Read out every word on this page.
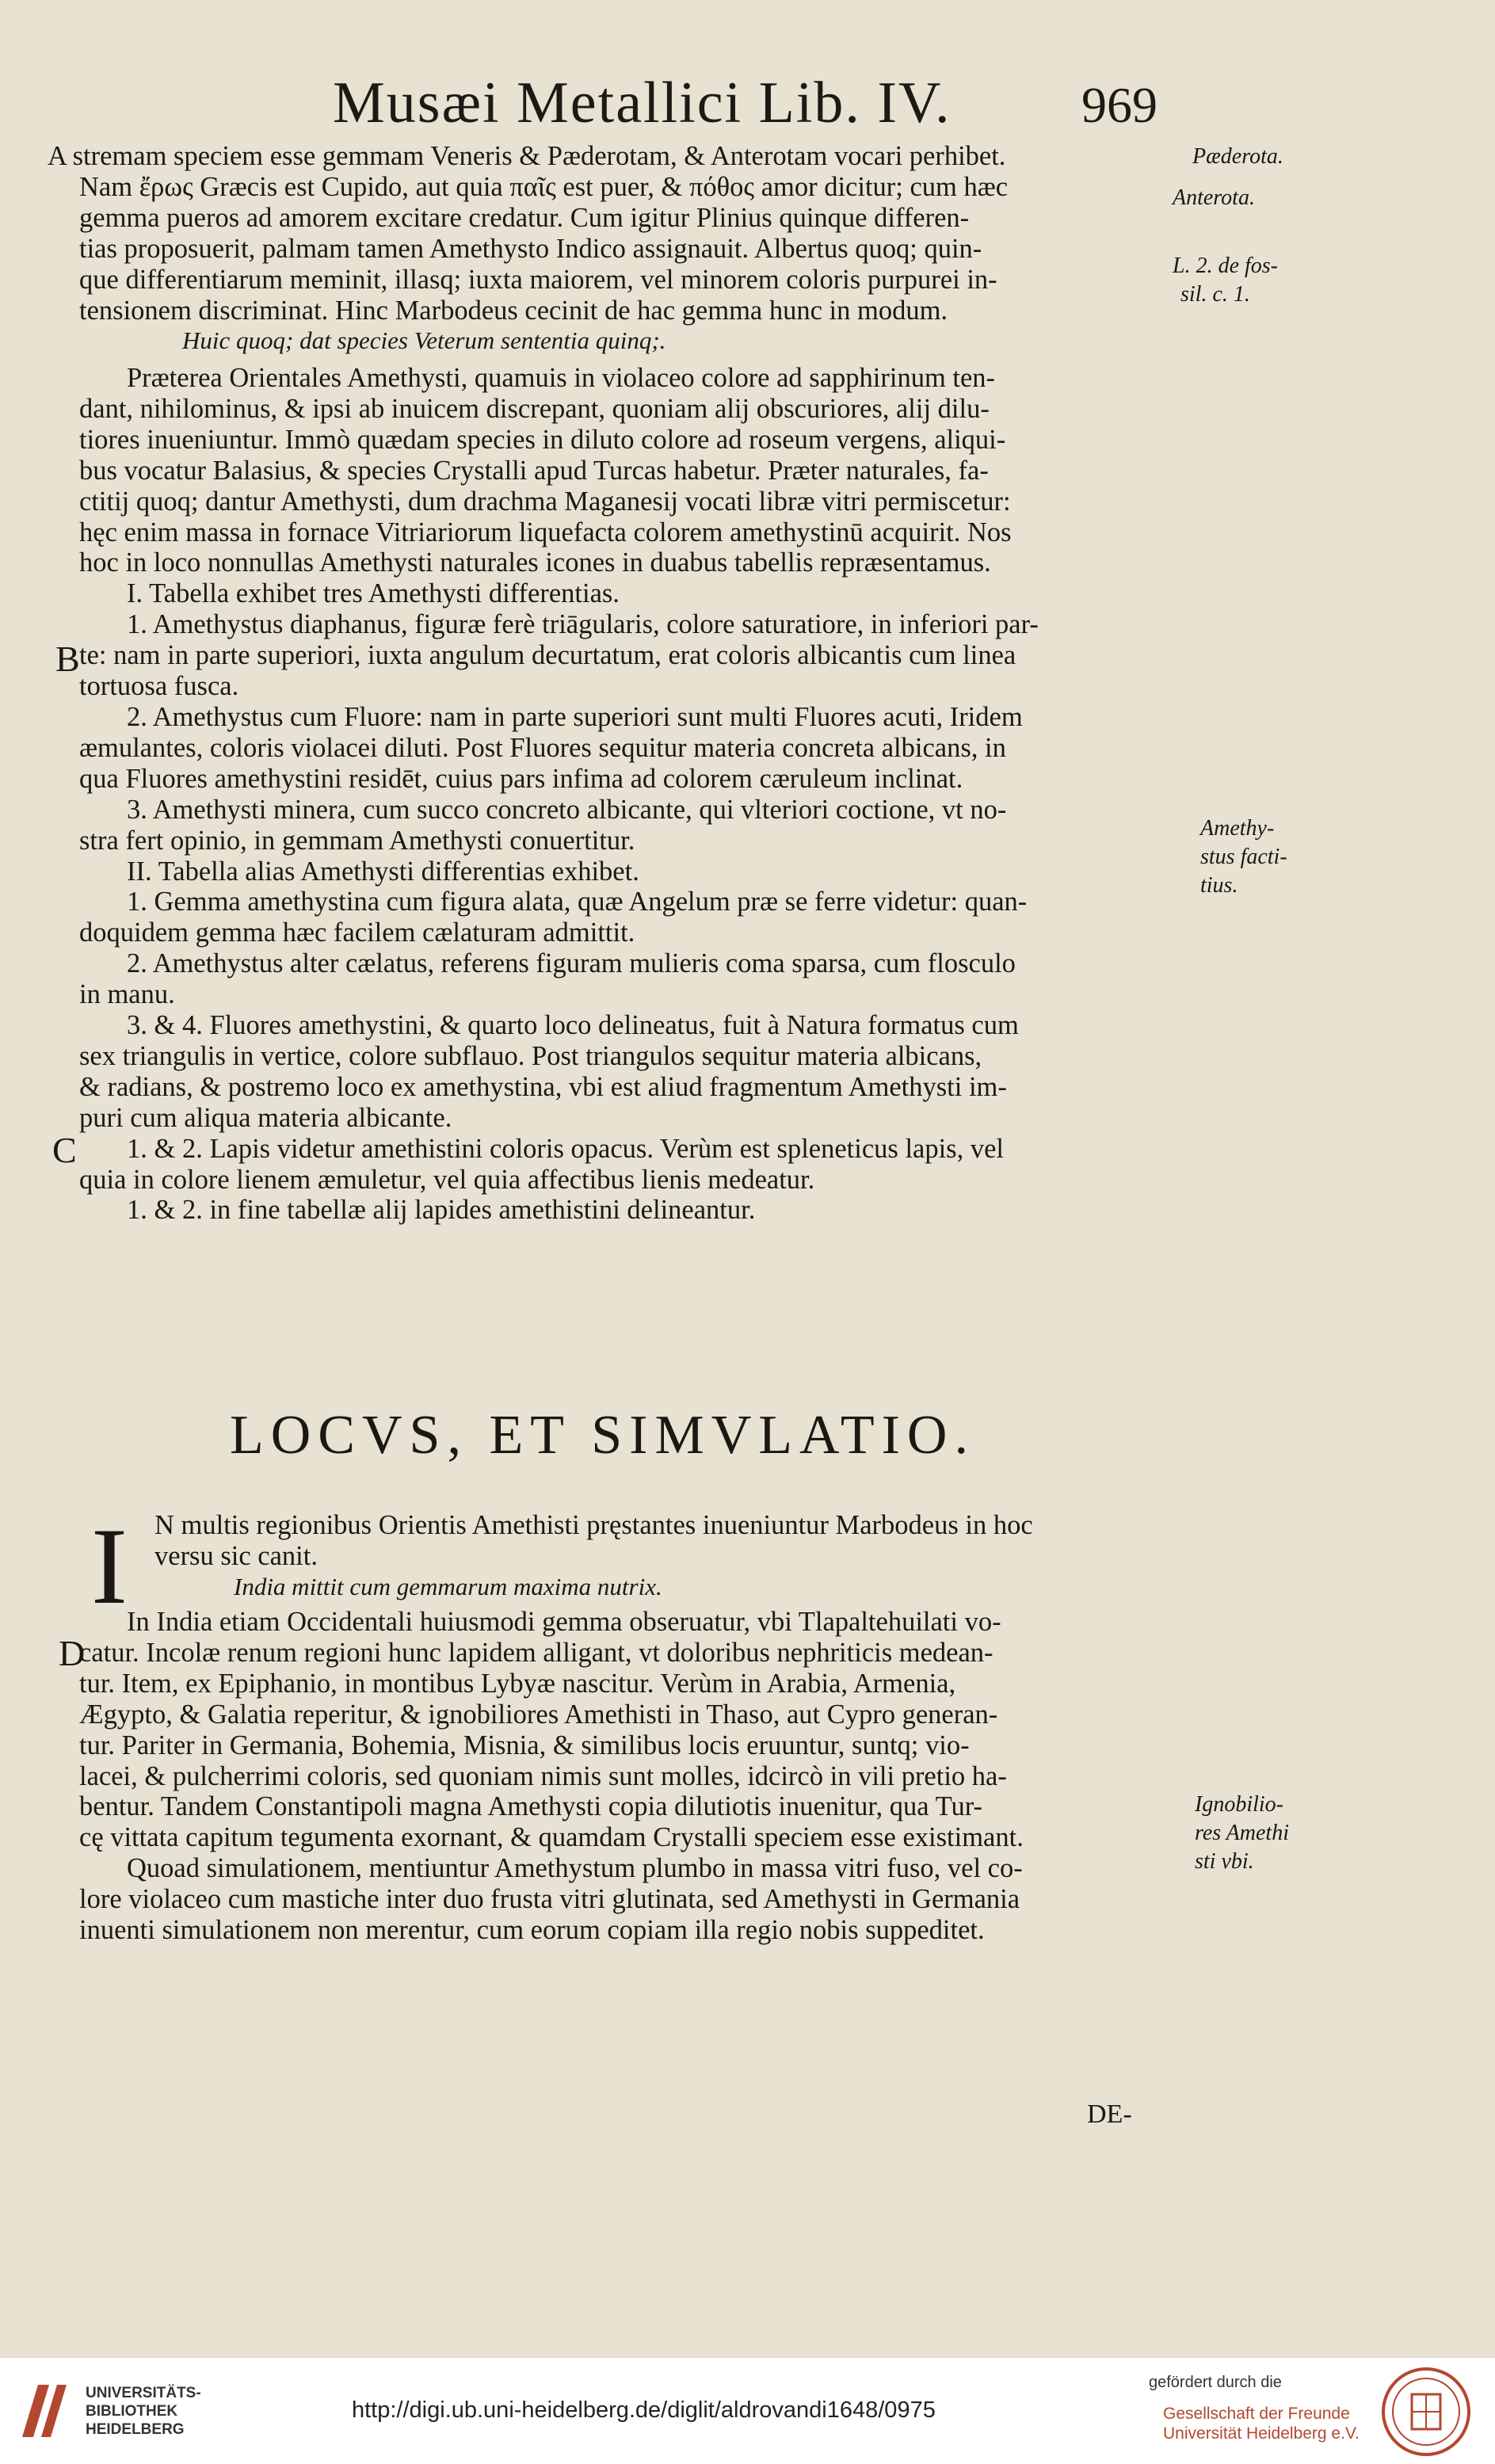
Musæi Metallici Lib. IV.	969
A stremam speciem esse gemmam Veneris & Pæderotam, & Anterotam vocari perhibet.
Nam ἔρως Græcis est Cupido, aut quia παῖς est puer, & πόθος amor dicitur; cum hæc
gemma pueros ad amorem excitare credatur. Cum igitur Plinius quinque differen-
tias proposuerit, palmam tamen Amethysto Indico assignauit. Albertus quoq; quin-
que differentiarum meminit, illasq; iuxta maiorem, vel minorem coloris purpurei in-
tensionem discriminat. Hinc Marbodeus cecinit de hac gemma hunc in modum.
Huic quoq; dat species Veterum sententia quinq;.
Præterea Orientales Amethysti, quamuis in violaceo colore ad sapphirinum ten-
dant, nihilominus, & ipsi ab inuicem discrepant, quoniam alij obscuriores, alij dilu-
tiores inueniuntur. Immò quædam species in diluto colore ad roseum vergens, aliqui-
bus vocatur Balasius, & species Crystalli apud Turcas habetur. Præter naturales, fa-
ctitij quoq; dantur Amethysti, dum drachma Maganesij vocati libræ vitri permiscetur:
hęc enim massa in fornace Vitriariorum liquefacta colorem amethystinū acquirit. Nos
hoc in loco nonnullas Amethysti naturales icones in duabus tabellis repræsentamus.
I. Tabella exhibet tres Amethysti differentias.
1. Amethystus diaphanus, figuræ ferè triāgularis, colore saturatiore, in inferiori par-
te: nam in parte superiori, iuxta angulum decurtatum, erat coloris albicantis cum linea
tortuosa fusca.
2. Amethystus cum Fluore: nam in parte superiori sunt multi Fluores acuti, Iridem
æmulantes, coloris violacei diluti. Post Fluores sequitur materia concreta albicans, in
qua Fluores amethystini residēt, cuius pars infima ad colorem cæruleum inclinat.
3. Amethysti minera, cum succo concreto albicante, qui vlteriori coctione, vt no-
stra fert opinio, in gemmam Amethysti conuertitur.
II. Tabella alias Amethysti differentias exhibet.
1. Gemma amethystina cum figura alata, quæ Angelum præ se ferre videtur: quan-
doquidem gemma hæc facilem cælaturam admittit.
2. Amethystus alter cælatus, referens figuram mulieris coma sparsa, cum flosculo
in manu.
3. & 4. Fluores amethystini, & quarto loco delineatus, fuit à Natura formatus cum
sex triangulis in vertice, colore subflauo. Post triangulos sequitur materia albicans,
& radians, & postremo loco ex amethystina, vbi est aliud fragmentum Amethysti im-
puri cum aliqua materia albicante.
1. & 2. Lapis videtur amethistini coloris opacus. Verùm est spleneticus lapis, vel
quia in colore lienem æmuletur, vel quia affectibus lienis medeatur.
1. & 2. in fine tabellæ alij lapides amethistini delineantur.
LOCVS, ET SIMVLATIO.
I N multis regionibus Orientis Amethisti pręstantes inueniuntur Marbodeus in hoc
versu sic canit.
India mittit cum gemmarum maxima nutrix.
In India etiam Occidentali huiusmodi gemma obseruatur, vbi Tlapaltehuilati vo-
catur. Incolæ renum regioni hunc lapidem alligant, vt doloribus nephriticis medean-
tur. Item, ex Epiphanio, in montibus Lybyæ nascitur. Verùm in Arabia, Armenia,
Ægypto, & Galatia reperitur, & ignobiliores Amethisti in Thaso, aut Cypro generan-
tur. Pariter in Germania, Bohemia, Misnia, & similibus locis eruuntur, suntq; vio-
lacei, & pulcherrimi coloris, sed quoniam nimis sunt molles, idcircò in vili pretio ha-
bentur. Tandem Constantipoli magna Amethysti copia dilutiotis inuenitur, qua Tur-
cę vittata capitum tegumenta exornant, & quamdam Crystalli speciem esse existimant.
Quoad simulationem, mentiuntur Amethystum plumbo in massa vitri fuso, vel co-
lore violaceo cum mastiche inter duo frusta vitri glutinata, sed Amethysti in Germania
inuenti simulationem non merentur, cum eorum copiam illa regio nobis suppeditet.
B
C
D
Pæderota.
Anterota.
L. 2. de fos-
sil. c. 1.
Amethy-
stus facti-
tius.
Ignobilio-
res Amethi
sti vbi.
DE-
UNIVERSITÄTS-
BIBLIOTHEK
HEIDELBERG
http://digi.ub.uni-heidelberg.de/diglit/aldrovandi1648/0975
gefördert durch die
Gesellschaft der Freunde
Universität Heidelberg e.V.
